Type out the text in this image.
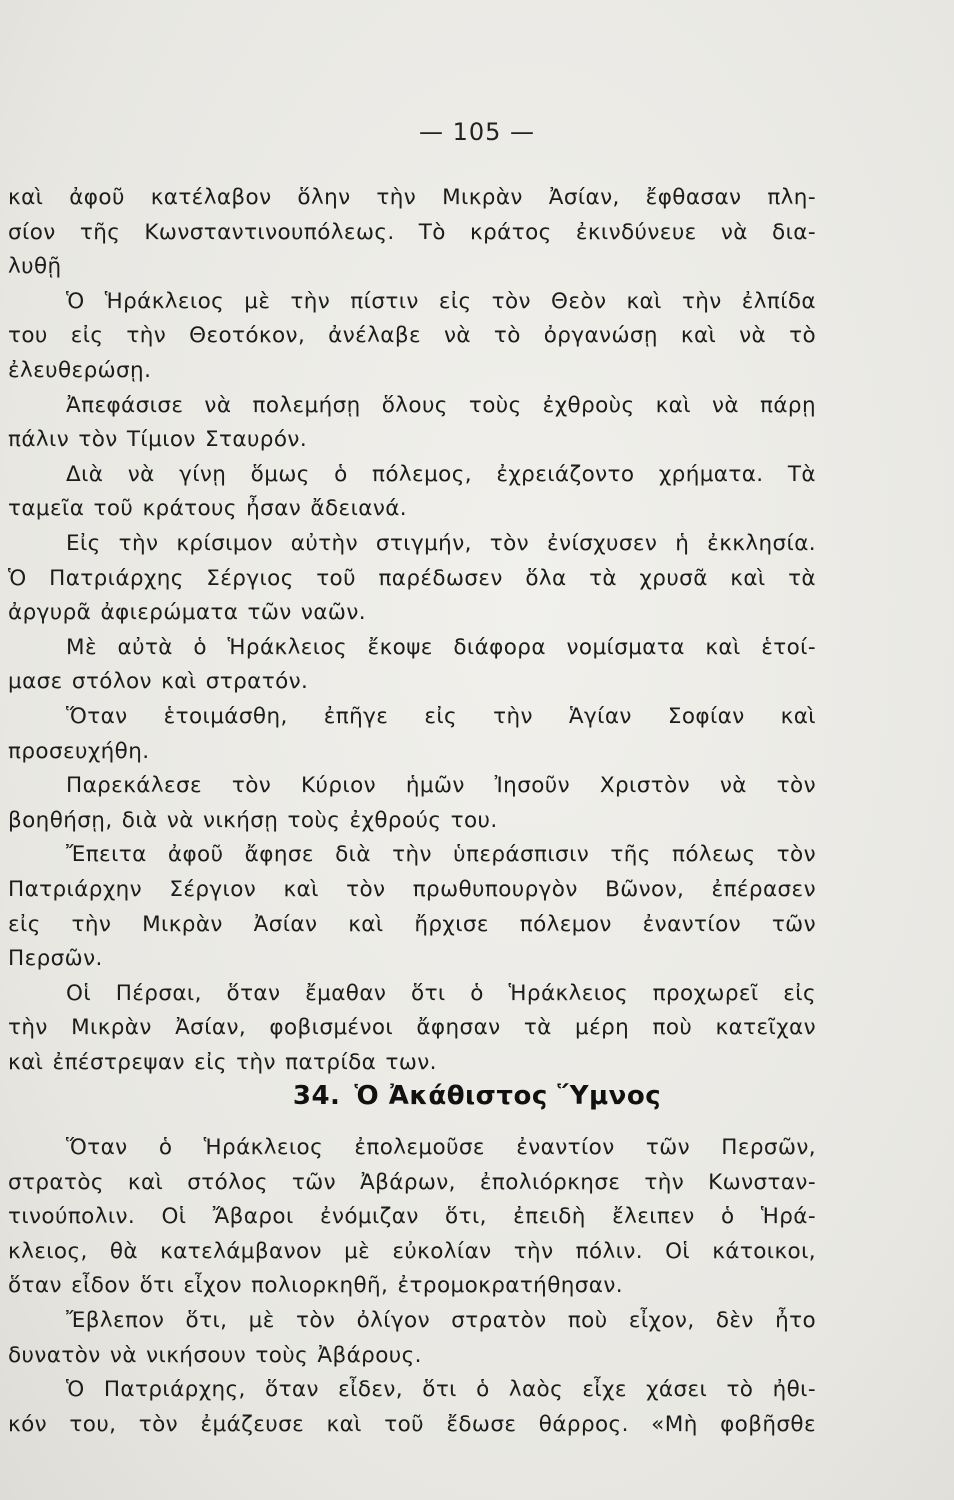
— 105 —
καὶ ἀφοῦ κατέλαβον ὅλην τὴν Μικρὰν Ἀσίαν, ἔφθασαν πλη-
σίον τῆς Κωνσταντινουπόλεως. Τὸ κράτος ἐκινδύνευε νὰ δια-
λυθῇ
Ὁ Ἡράκλειος μὲ τὴν πίστιν εἰς τὸν Θεὸν καὶ τὴν ἐλπίδα
του εἰς τὴν Θεοτόκον, ἀνέλαβε νὰ τὸ ὀργανώσῃ καὶ νὰ τὸ
ἐλευθερώσῃ.
Ἀπεφάσισε νὰ πολεμήσῃ ὅλους τοὺς ἐχθροὺς καὶ νὰ πάρῃ
πάλιν τὸν Τίμιον Σταυρόν.
Διὰ νὰ γίνῃ ὅμως ὁ πόλεμος, ἐχρειάζοντο χρήματα. Τὰ
ταμεῖα τοῦ κράτους ἦσαν ἄδειανά.
Εἰς τὴν κρίσιμον αὐτὴν στιγμήν, τὸν ἐνίσχυσεν ἡ ἐκκλησία.
Ὁ Πατριάρχης Σέργιος τοῦ παρέδωσεν ὅλα τὰ χρυσᾶ καὶ τὰ
ἀργυρᾶ ἀφιερώματα τῶν ναῶν.
Μὲ αὐτὰ ὁ Ἡράκλειος ἔκοψε διάφορα νομίσματα καὶ ἑτοί-
μασε στόλον καὶ στρατόν.
Ὅταν ἑτοιμάσθη, ἐπῆγε εἰς τὴν Ἁγίαν Σοφίαν καὶ
προσευχήθη.
Παρεκάλεσε τὸν Κύριον ἡμῶν Ἰησοῦν Χριστὸν νὰ τὸν
βοηθήσῃ, διὰ νὰ νικήσῃ τοὺς ἐχθρούς του.
Ἔπειτα ἀφοῦ ἄφησε διὰ τὴν ὑπεράσπισιν τῆς πόλεως τὸν
Πατριάρχην Σέργιον καὶ τὸν πρωθυπουργὸν Βῶνον, ἐπέρασεν
εἰς τὴν Μικρὰν Ἀσίαν καὶ ἤρχισε πόλεμον ἐναντίον τῶν
Περσῶν.
Οἱ Πέρσαι, ὅταν ἔμαθαν ὅτι ὁ Ἡράκλειος προχωρεῖ εἰς
τὴν Μικρὰν Ἀσίαν, φοβισμένοι ἄφησαν τὰ μέρη ποὺ κατεῖχαν
καὶ ἐπέστρεψαν εἰς τὴν πατρίδα των.
34. Ὁ Ἀκάθιστος Ὕμνος
Ὅταν ὁ Ἡράκλειος ἐπολεμοῦσε ἐναντίον τῶν Περσῶν,
στρατὸς καὶ στόλος τῶν Ἀβάρων, ἐπολιόρκησε τὴν Κωνσταν-
τινούπολιν. Οἱ Ἄβαροι ἐνόμιζαν ὅτι, ἐπειδὴ ἔλειπεν ὁ Ἡρά-
κλειος, θὰ κατελάμβανον μὲ εὐκολίαν τὴν πόλιν. Οἱ κάτοικοι,
ὅταν εἶδον ὅτι εἶχον πολιορκηθῆ, ἐτρομοκρατήθησαν.
Ἔβλεπον ὅτι, μὲ τὸν ὀλίγον στρατὸν ποὺ εἶχον, δὲν ἦτο
δυνατὸν νὰ νικήσουν τοὺς Ἀβάρους.
Ὁ Πατριάρχης, ὅταν εἶδεν, ὅτι ὁ λαὸς εἶχε χάσει τὸ ἠθι-
κόν του, τὸν ἐμάζευσε καὶ τοῦ ἔδωσε θάρρος. «Μὴ φοβῆσθε
